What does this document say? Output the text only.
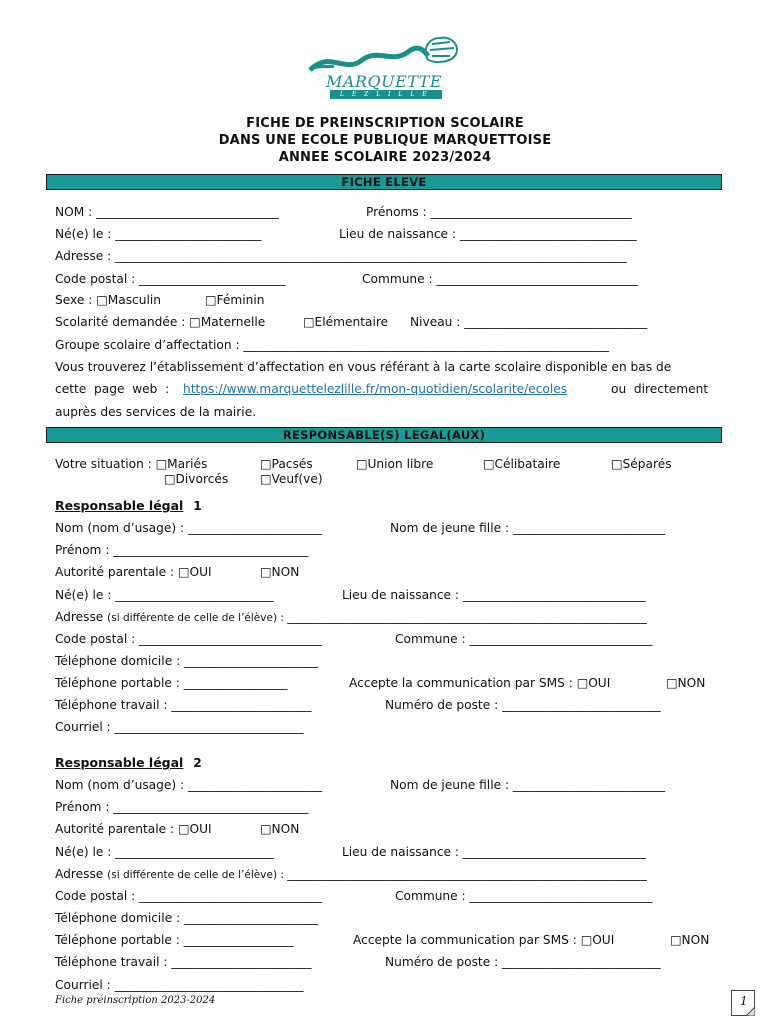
MARQUETTE
L E Z L I L L E
FICHE DE PREINSCRIPTION SCOLAIRE
DANS UNE ECOLE PUBLIQUE MARQUETTOISE
ANNEE SCOLAIRE 2023/2024
FICHE ELEVE
NOM : ______________________________	Prénoms : _________________________________
Né(e) le : ________________________	Lieu de naissance : _____________________________
Adresse : ____________________________________________________________________________________
Code postal : ________________________	Commune : _________________________________
Sexe : □Masculin	□Féminin
Scolarité demandée : □Maternelle	□Elémentaire Niveau : ______________________________
Groupe scolaire d’affectation : ____________________________________________________________
Vous trouverez l’établissement d’affectation en vous référant à la carte scolaire disponible en bas de
cette  page  web  : https://www.marquettelezlille.fr/mon-quotidien/scolarite/ecoles	ou  directement
auprès des services de la mairie.
RESPONSABLE(S) LEGAL(AUX)
Votre situation : □Mariés	□Pacsés	□Union libre	□Célibataire	□Séparés
□Divorcés	□Veuf(ve)
Responsable légal 1
Nom (nom d’usage) : ______________________	Nom de jeune fille : _________________________
Prénom : ________________________________
Autorité parentale : □OUI	□NON
Né(e) le : __________________________	Lieu de naissance : ______________________________
Adresse (si différente de celle de l’élève) : ___________________________________________________________
Code postal : ______________________________	Commune : ______________________________
Téléphone domicile : ______________________
Téléphone portable : _________________	Accepte la communication par SMS : □OUI	□NON
Téléphone travail : _______________________	Numéro de poste : __________________________
Courriel : _______________________________
Responsable légal 2
Nom (nom d’usage) : ______________________	Nom de jeune fille : _________________________
Prénom : ________________________________
Autorité parentale : □OUI	□NON
Né(e) le : __________________________	Lieu de naissance : ______________________________
Adresse (si différente de celle de l’élève) : ___________________________________________________________
Code postal : ______________________________	Commune : ______________________________
Téléphone domicile : ______________________
Téléphone portable : __________________	Accepte la communication par SMS : □OUI	□NON
Téléphone travail : _______________________	Numéro de poste : __________________________
Courriel : _______________________________
Fiche préinscription 2023-2024	1
